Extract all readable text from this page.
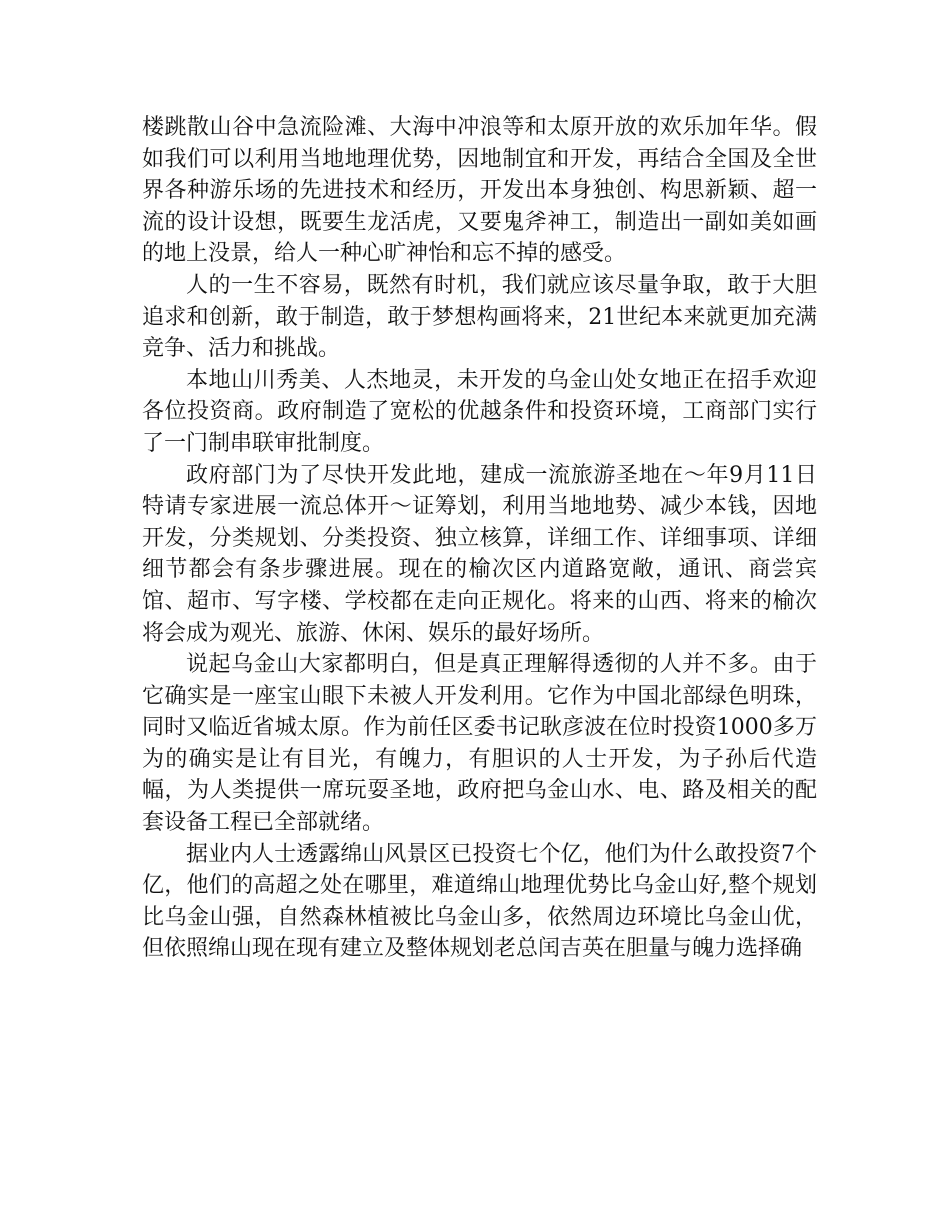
楼跳散山谷中急流险滩、大海中冲浪等和太原开放的欢乐加年华。假如我们可以利用当地地理优势，因地制宜和开发，再结合全国及全世界各种游乐场的先进技术和经历，开发出本身独创、构思新颖、超一流的设计设想，既要生龙活虎，又要鬼斧神工，制造出一副如美如画的地上没景，给人一种心旷神怡和忘不掉的感受。

人的一生不容易，既然有时机，我们就应该尽量争取，敢于大胆追求和创新，敢于制造，敢于梦想构画将来，21世纪本来就更加充满竞争、活力和挑战。

本地山川秀美、人杰地灵，未开发的乌金山处女地正在招手欢迎各位投资商。政府制造了宽松的优越条件和投资环境，工商部门实行了一门制串联审批制度。

政府部门为了尽快开发此地，建成一流旅游圣地在～年9月11日特请专家进展一流总体开～证筹划，利用当地地势、减少本钱，因地开发，分类规划、分类投资、独立核算，详细工作、详细事项、详细细节都会有条步骤进展。现在的榆次区内道路宽敞，通讯、商尝宾馆、超市、写字楼、学校都在走向正规化。将来的山西、将来的榆次将会成为观光、旅游、休闲、娱乐的最好场所。

说起乌金山大家都明白，但是真正理解得透彻的人并不多。由于它确实是一座宝山眼下未被人开发利用。它作为中国北部绿色明珠，同时又临近省城太原。作为前任区委书记耿彦波在位时投资1000多万为的确实是让有目光，有魄力，有胆识的人士开发，为子孙后代造幅，为人类提供一席玩耍圣地，政府把乌金山水、电、路及相关的配套设备工程已全部就绪。

据业内人士透露绵山风景区已投资七个亿，他们为什么敢投资7个亿，他们的高超之处在哪里，难道绵山地理优势比乌金山好,整个规划比乌金山强，自然森林植被比乌金山多，依然周边环境比乌金山优，但依照绵山现在现有建立及整体规划老总闰吉英在胆量与魄力选择确
